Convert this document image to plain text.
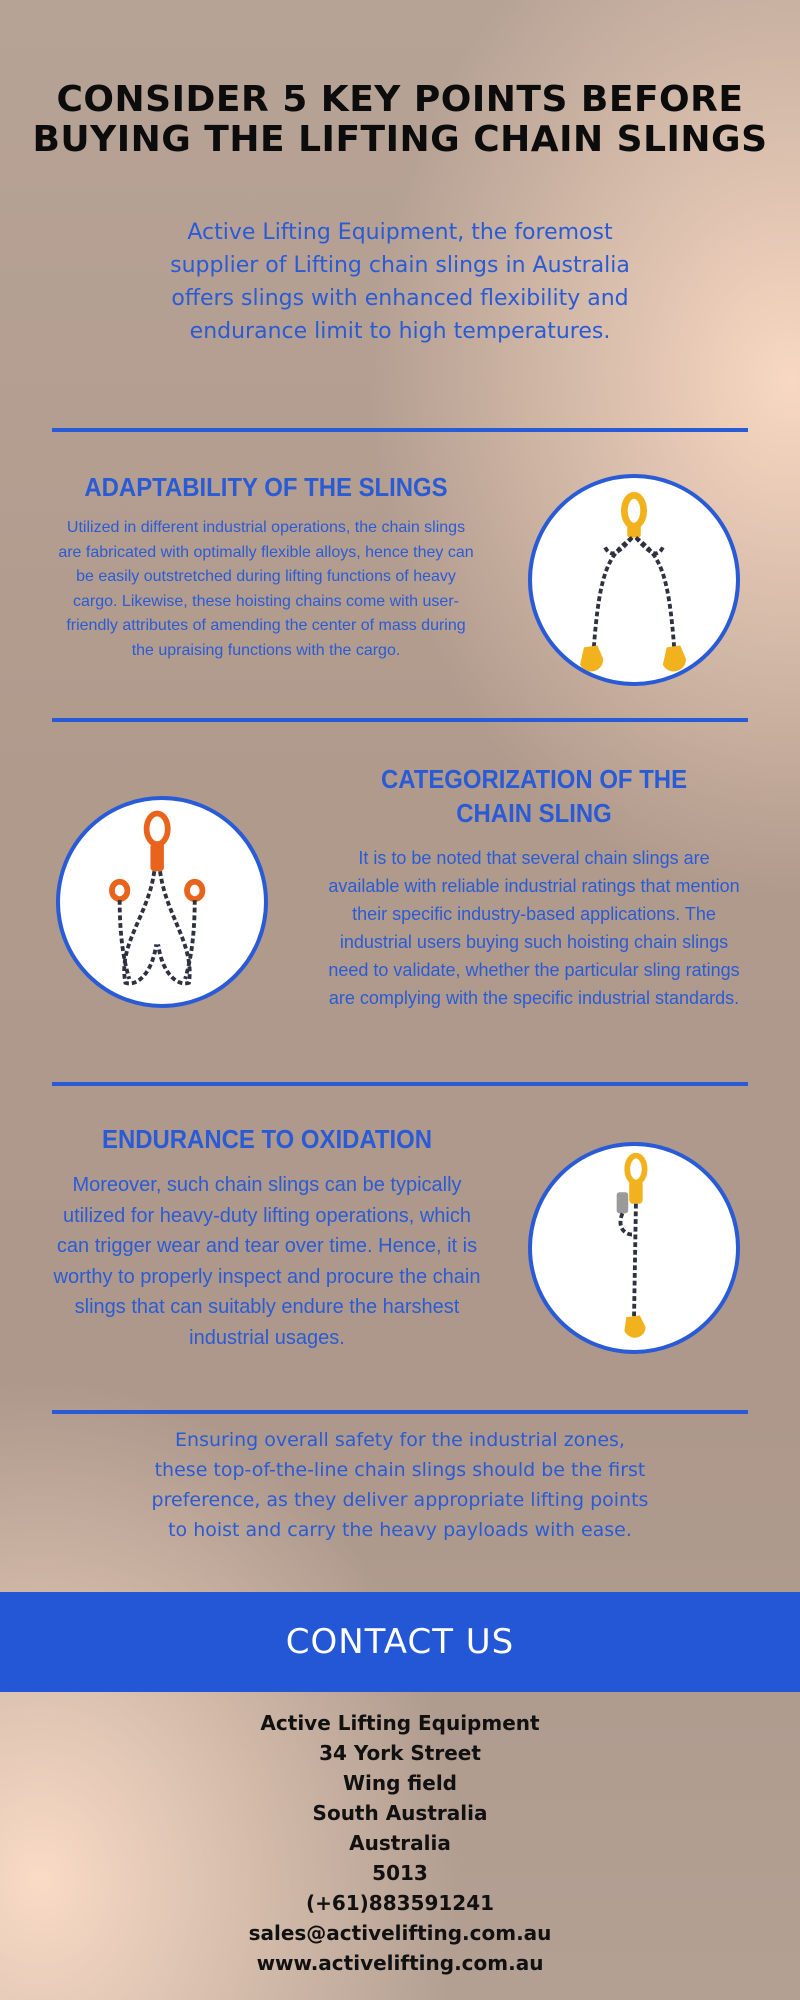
CONSIDER 5 KEY POINTS BEFORE
BUYING THE LIFTING CHAIN SLINGS
Active Lifting Equipment, the foremost supplier of Lifting chain slings in Australia offers slings with enhanced flexibility and endurance limit to high temperatures.
ADAPTABILITY OF THE SLINGS
Utilized in different industrial operations, the chain slings are fabricated with optimally flexible alloys, hence they can be easily outstretched during lifting functions of heavy cargo. Likewise, these hoisting chains come with user-friendly attributes of amending the center of mass during the upraising functions with the cargo.
CATEGORIZATION OF THE
CHAIN SLING
It is to be noted that several chain slings are available with reliable industrial ratings that mention their specific industry-based applications. The industrial users buying such hoisting chain slings need to validate, whether the particular sling ratings are complying with the specific industrial standards.
ENDURANCE TO OXIDATION
Moreover, such chain slings can be typically utilized for heavy-duty lifting operations, which can trigger wear and tear over time. Hence, it is worthy to properly inspect and procure the chain slings that can suitably endure the harshest industrial usages.
Ensuring overall safety for the industrial zones, these top-of-the-line chain slings should be the first preference, as they deliver appropriate lifting points to hoist and carry the heavy payloads with ease.
CONTACT US
Active Lifting Equipment
34 York Street
Wing field
South Australia
Australia
5013
(+61)883591241
sales@activelifting.com.au
www.activelifting.com.au
